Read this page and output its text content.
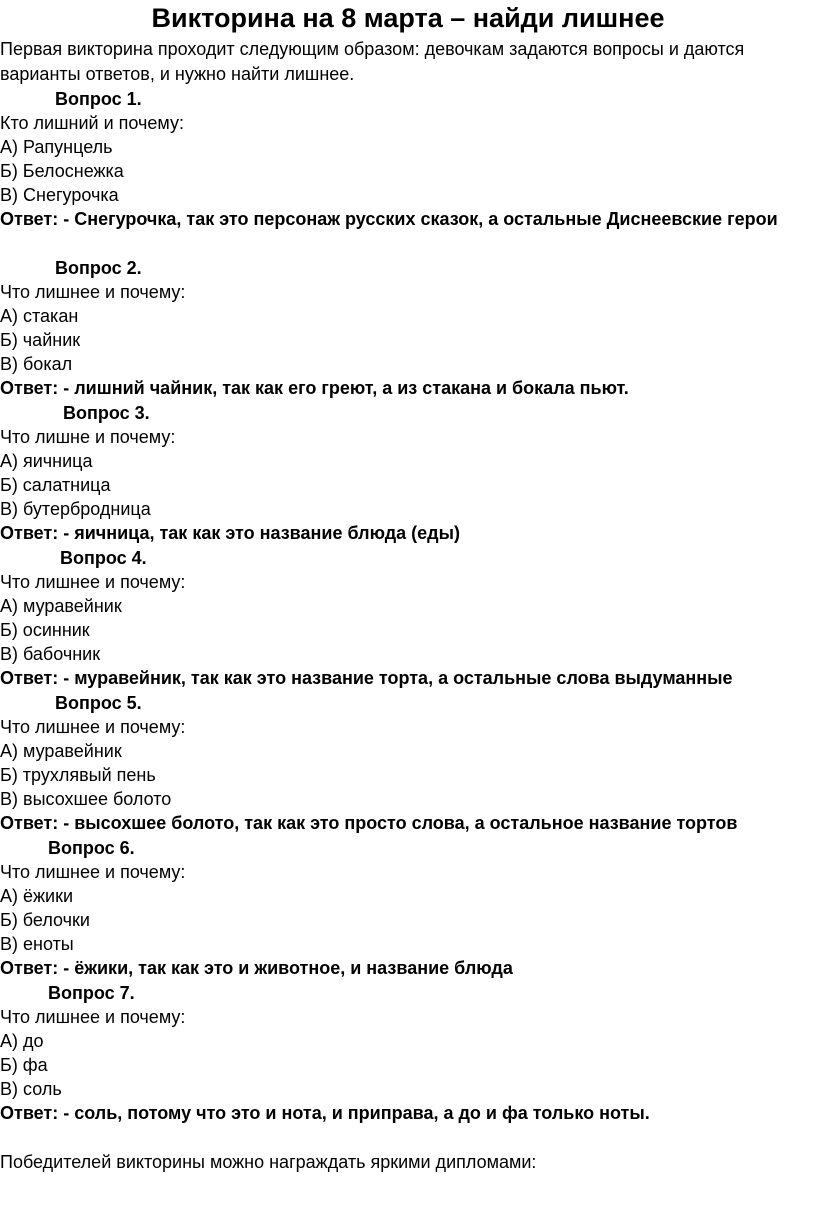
Викторина на 8 марта – найди лишнее
Первая викторина проходит следующим образом: девочкам задаются вопросы и даются варианты ответов, и нужно найти лишнее.
Вопрос 1.
Кто лишний и почему:
А) Рапунцель
Б) Белоснежка
В) Снегурочка
Ответ: - Снегурочка, так это персонаж русских сказок, а остальные Диснеевские герои
Вопрос 2.
Что лишнее и почему:
А) стакан
Б) чайник
В) бокал
Ответ: - лишний чайник, так как его греют, а из стакана и бокала пьют.
Вопрос 3.
Что лишне и почему:
А) яичница
Б) салатница
В) бутербродница
Ответ: - яичница, так как это название блюда (еды)
Вопрос 4.
Что лишнее и почему:
А) муравейник
Б) осинник
В) бабочник
Ответ: - муравейник, так как это название торта, а остальные слова выдуманные
Вопрос 5.
Что лишнее и почему:
А) муравейник
Б) трухлявый пень
В) высохшее болото
Ответ: - высохшее болото, так как это просто слова, а остальное название тортов
Вопрос 6.
Что лишнее и почему:
А) ёжики
Б) белочки
В) еноты
Ответ: - ёжики, так как это и животное, и название блюда
Вопрос 7.
Что лишнее и почему:
А) до
Б) фа
В) соль
Ответ: - соль, потому что это и нота, и приправа, а до и фа только ноты.
Победителей викторины можно награждать яркими дипломами:
